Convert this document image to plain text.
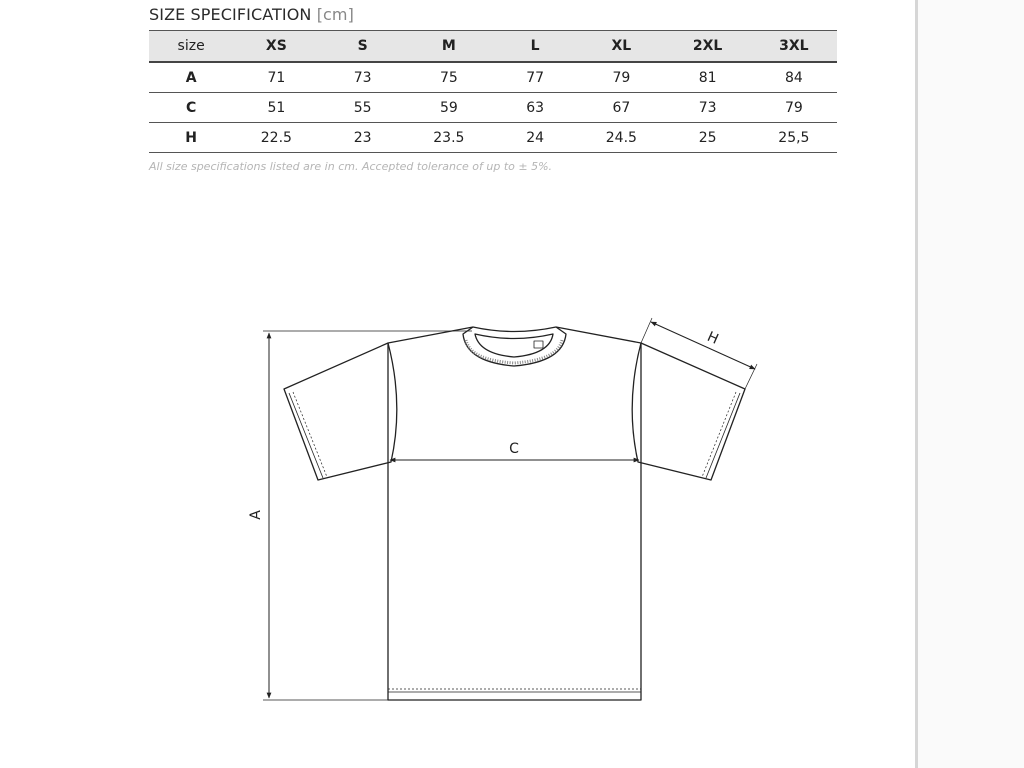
SIZE SPECIFICATION [cm]
size	XS	S	M	L	XL	2XL	3XL
A	71	73	75	77	79	81	84
C	51	55	59	63	67	73	79
H	22.5	23	23.5	24	24.5	25	25,5

All size specifications listed are in cm. Accepted tolerance of up to ± 5%.

A
C
H
